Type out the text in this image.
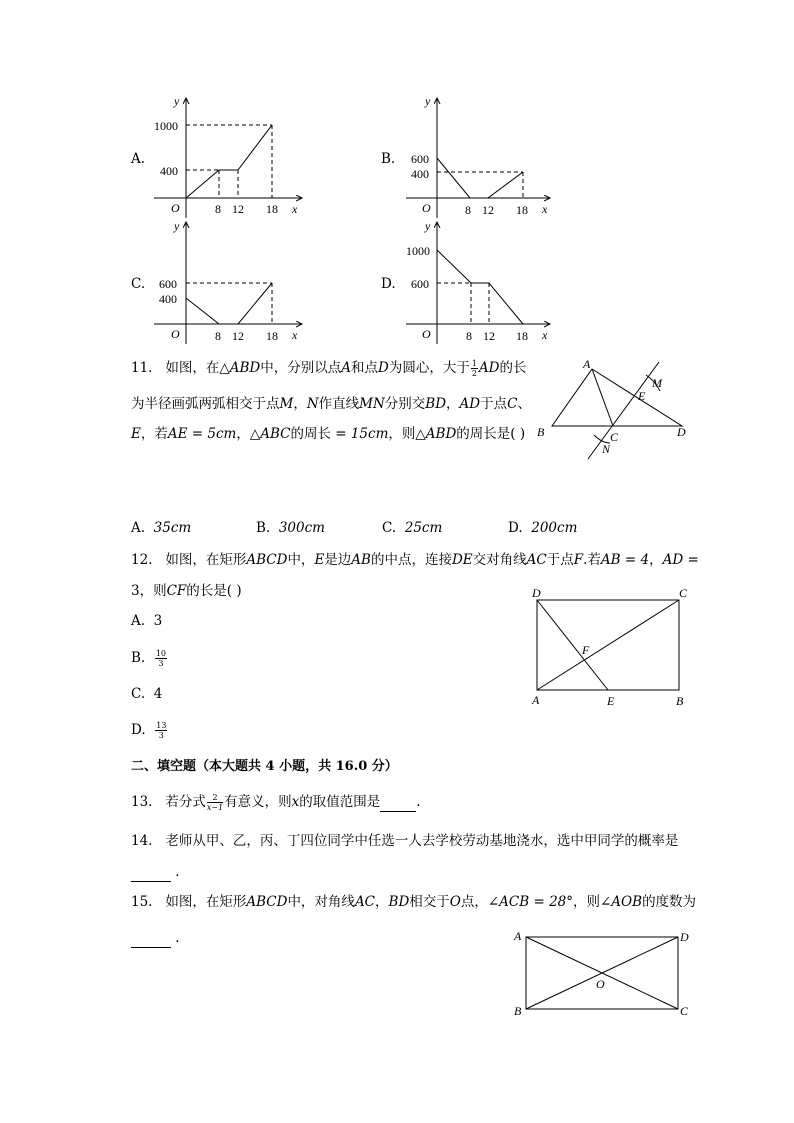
A.
1000
400
8 12 18
O	x
y
B. 600
400
8 12 18
O	x
y
C. 600
400
8 12 18
O	x
y
D.
1000
600
8 12 18
O	x
y
11. 如图，在△ABD中，分别以点A和点D为圆心，大于 $\frac{1}{2}$ AD的长
为半径画弧两弧相交于点M，N作直线MN分别交BD，AD于点C、
E，若AE = 5cm，△ABC的周长 = 15cm，则△ABD的周长是( )
A
B	C	D
E
M
N
A. 35cm	B. 300cm	C. 25cm	D. 200cm
12. 如图，在矩形ABCD中，E是边AB的中点，连接DE交对角线AC于点F.若AB = 4，AD =
3，则CF的长是( )
A. 3
B. $\frac{10}{3}$
C. 4
D. $\frac{13}{3}$
A	B
C
D
E
F
二、填空题（本大题共 4 小题，共 16.0 分）
13. 若分式 $\frac{2}{x-1}$ 有意义，则x的取值范围是	.
14. 老师从甲、乙，丙、丁四位同学中任选一人去学校劳动基地浇水，选中甲同学的概率是
.
15. 如图，在矩形ABCD中，对角线AC，BD相交于O点，∠ACB = 28°，则∠AOB的度数为
.	A
B	C
D
O
